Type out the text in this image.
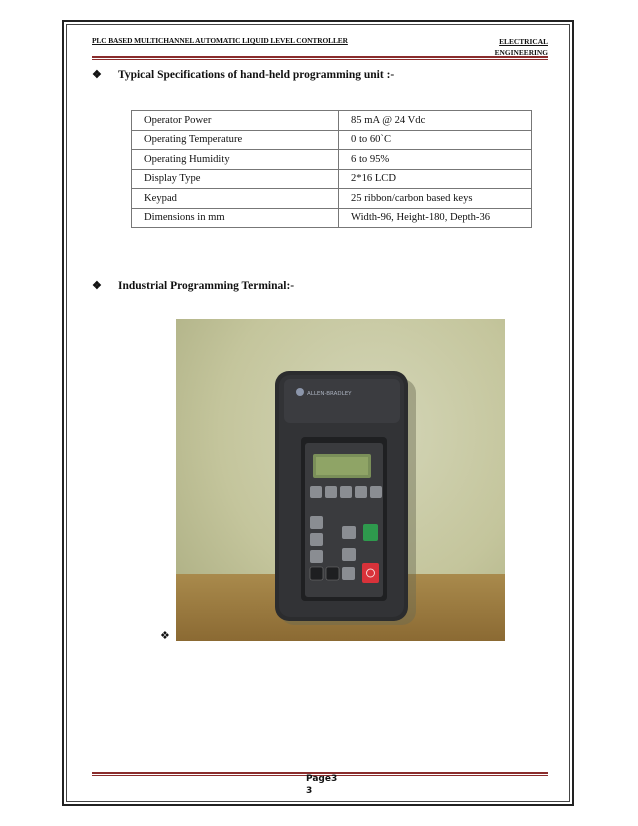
PLC BASED MULTICHANNEL AUTOMATIC LIQUID LEVEL CONTROLLER	ELECTRICAL
ENGINEERING
❖ Typical Specifications of hand-held programming unit :-
Operator Power	85 mA @ 24 Vdc
Operating Temperature	0 to 60`C
Operating Humidity	6 to 95%
Display Type	2*16 LCD
Keypad	25 ribbon/carbon based keys
Dimensions in mm	Width-96, Height-180, Depth-36
❖ Industrial Programming Terminal:-
ALLEN-BRADLEY
❖
Page3 3
